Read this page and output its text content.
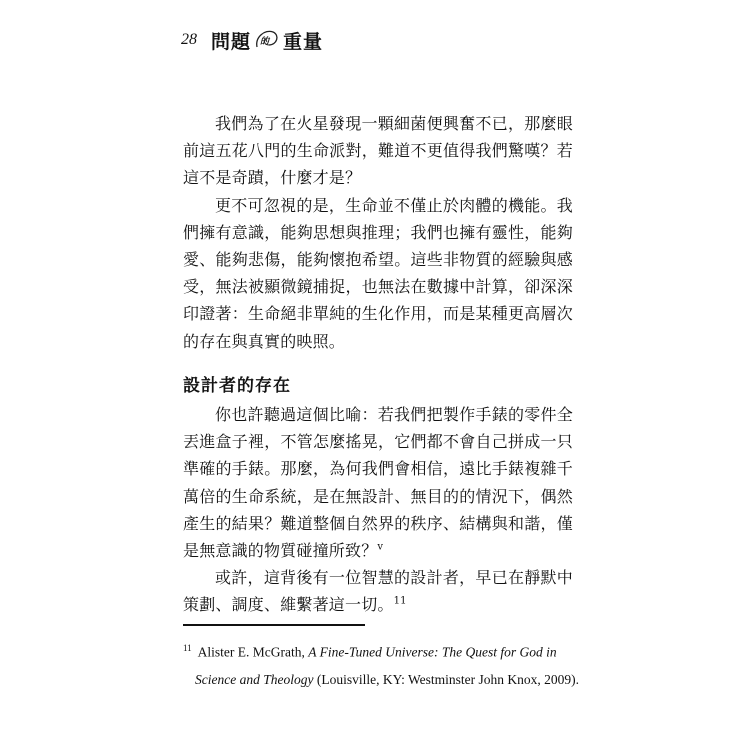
28 問題 的 重量

我們為了在火星發現一顆細菌便興奮不已，那麼眼前這五花八門的生命派對，難道不更值得我們驚嘆？若這不是奇蹟，什麼才是？

更不可忽視的是，生命並不僅止於肉體的機能。我們擁有意識，能夠思想與推理；我們也擁有靈性，能夠愛、能夠悲傷，能夠懷抱希望。這些非物質的經驗與感受，無法被顯微鏡捕捉，也無法在數據中計算，卻深深印證著：生命絕非單純的生化作用，而是某種更高層次的存在與真實的映照。

設計者的存在

你也許聽過這個比喻：若我們把製作手錶的零件全丟進盒子裡，不管怎麼搖晃，它們都不會自己拼成一只準確的手錶。那麼，為何我們會相信，遠比手錶複雜千萬倍的生命系統，是在無設計、無目的的情況下，偶然產生的結果？難道整個自然界的秩序、結構與和諧，僅是無意識的物質碰撞所致？$^v$

或許，這背後有一位智慧的設計者，早已在靜默中策劃、調度、維繫著這一切。$^{11}$

$^{11}$ Alister E. McGrath, A Fine-Tuned Universe: The Quest for God in
Science and Theology (Louisville, KY: Westminster John Knox, 2009).
